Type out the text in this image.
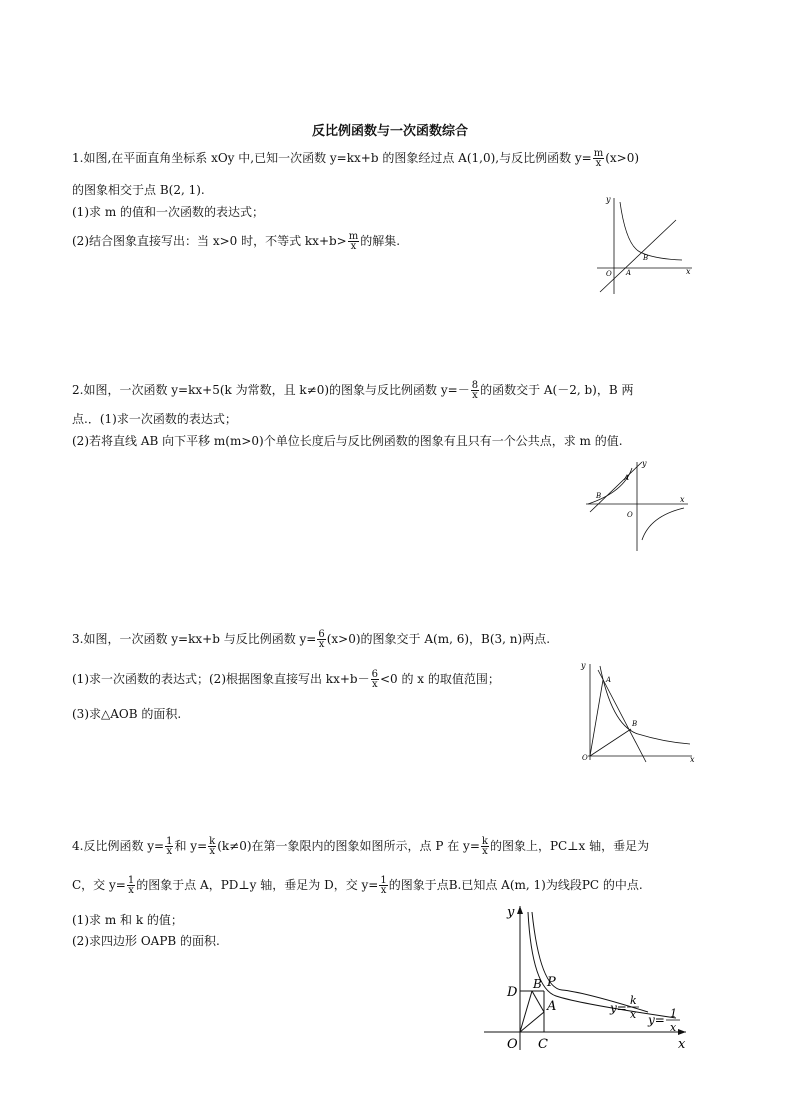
反比例函数与一次函数综合
1.如图,在平面直角坐标系 xOy 中,已知一次函数 y=kx+b 的图象经过点 A(1,0),与反比例函数 $y= \frac{m}{x} (x>0)$
的图象相交于点 B(2, 1).
(1)求 m 的值和一次函数的表达式；
(2)结合图象直接写出：当 x>0 时，不等式 $kx+b> \frac{m}{x}$ 的解集.
y
x
O A
B
2.如图，一次函数 y=kx+5(k 为常数，且 k≠0)的图象与反比例函数 $y=- \frac{8}{x}$ 的函数交于 A(－2, b)，B 两
点.．(1)求一次函数的表达式；
(2)若将直线 AB 向下平移 m(m>0)个单位长度后与反比例函数的图象有且只有一个公共点，求 m 的值.
y
x
O
A
B
3.如图，一次函数 y=kx+b 与反比例函数 $y= \frac{6}{x} (x>0)$的图象交于 A(m, 6)，B(3, n)两点.
(1)求一次函数的表达式；(2)根据图象直接写出 $kx+b- \frac{6}{x} <0$ 的 x 的取值范围；
(3)求△AOB 的面积.
y
x
O
A
B
4.反比例函数 $y= \frac{1}{x}$ 和 $y= \frac{k}{x} (k\ne 0)$在第一象限内的图象如图所示，点 P 在 $y= \frac{k}{x}$ 的图象上，PC⊥x 轴，垂足为
C，交 $y= \frac{1}{x}$ 的图象于点 A，PD⊥y 轴，垂足为 D，交 $y= \frac{1}{x}$ 的图象于点B.已知点 A(m, 1)为线段PC 的中点.
(1)求 m 和 k 的值；
(2)求四边形 OAPB 的面积.
y
x
O C
D
B P
A	y=
k
x y= 1
x
